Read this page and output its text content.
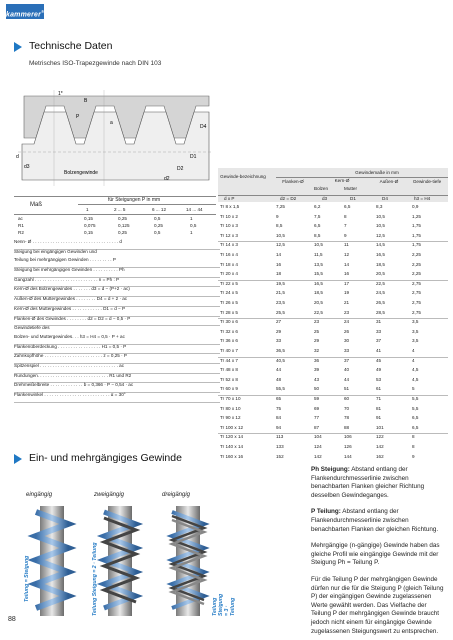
kammerer®
Technische Daten
Metrisches ISO-Trapezgewinde nach DIN 103
1*
B
a
P
d
d3
D4
D1
D2
d2
Bolzengewinde
Maß
für Steigungen P in mm
1	2 ... 5	6 ... 12	14 ... 44
ac	0,15	0,25	0,5	1
R1	0,075	0,125	0,25	0,5
R2	0,15	0,25	0,5	1
Nenn- Ø . . . . . . . . . . . . . . . . . . . . . . . . . . . . . . . . . . d
Steigung bei eingängigen Gewinden und
Teilung bei mehrgängigen Gewinden . . . . . . . . . P
Steigung bei mehrgängigen Gewinden . . . . . . . . . . Ph
Gangzahl . . . . . . . . . . . . . . . . . . . . . . . . . n = Ph : P
Kern-Ø des Bolzengewindes . . . . . . . d3 = d − (P+2 · ac)
Außen-Ø des Muttergewindes . . . . . . . . D4 = d + 2 · ac
Kern-Ø des Muttergewindes . . . . . . . . . . . . D1 = d − P
Flanken-Ø des Gewindes . . . . . . . . d2 = D2 = d − 0,5 · P
Gewindetiefe des
Bolzen- und Muttergewindes. . . h3 = H4 = 0,5 · P + ac
Flankenüberdeckung . . . . . . . . . . . . . . . . . H1 = 0,5 · P
Zahnkopfhöhe . . . . . . . . . . . . . . . . . . . . . . . z = 0,25 · P
Spitzenspiel . . . . . . . . . . . . . . . . . . . . . . . . . . . . . . . ac
Rundungen. . . . . . . . . . . . . . . . . . . . . . . . . . . . R1 und R2
Drehmeißelbreite . . . . . . . . . . . . . b = 0,366 · P − 0,54 · ac
Flankenwinkel . . . . . . . . . . . . . . . . . . . . . . . . . . α = 30°
Gewindemaße in mm
Gewinde-bezeichnung
Flanken-Ø	Kern-Ø
Bolzen	Mutter
Außen-Ø	Gewinde-tiefe
d x P	d2 = D2	d3	D1	D4	h3 = H4
Tr 8 x 1,5	7,25	6,2	6,5	8,3	0,9
Tr 10 x 2	9	7,5	8	10,5	1,25
Tr 10 x 3	8,5	6,5	7	10,5	1,75
Tr 12 x 3	10,5	8,5	9	12,5	1,75
Tr 14 x 3	12,5	10,5	11	14,5	1,75
Tr 16 x 4	14	11,5	12	16,5	2,25
Tr 18 x 4	16	13,5	14	18,5	2,25
Tr 20 x 4	18	15,5	16	20,5	2,25
Tr 22 x 5	19,5	16,5	17	22,5	2,75
Tr 24 x 5	21,5	18,5	19	24,5	2,75
Tr 26 x 5	23,5	20,5	21	26,5	2,75
Tr 28 x 5	25,5	22,5	23	28,5	2,75
Tr 30 x 6	27	23	24	31	3,5
Tr 32 x 6	29	25	26	33	3,5
Tr 36 x 6	33	29	30	37	3,5
Tr 40 x 7	36,5	32	33	41	4
Tr 44 x 7	40,5	36	37	45	4
Tr 48 x 8	44	39	40	49	4,5
Tr 52 x 8	48	43	44	53	4,5
Tr 60 x 9	55,5	50	51	61	5
Tr 70 x 10	65	59	60	71	5,5
Tr 80 x 10	75	69	70	81	5,5
Tr 90 x 12	84	77	78	91	6,5
Tr 100 x 12	94	87	88	101	6,5
Tr 120 x 14	113	104	106	122	8
Tr 140 x 14	133	124	126	142	8
Tr 160 x 16	152	142	144	162	9
Ein- und mehrgängiges Gewinde
eingängig	zweigängig	dreigängig
Teilung = Steigung	Teilung Steigung = 2 · Teilung	Teilung Steigung = 3 · Teilung

Ph Steigung: Abstand entlang der Flankendurchmesserlinie zwischen benachbarten Flanken gleicher Richtung desselben Gewindeganges.

P Teilung: Abstand entlang der Flankendurchmesserlinie zwischen benachbarten Flanken der gleichen Richtung.

Mehrgängige (n-gängige) Gewinde haben das gleiche Profil wie eingängige Gewinde mit der Steigung Ph = Teilung P.

Für die Teilung P der mehrgängigen Gewinde dürfen nur die für die Steigung P (gleich Teilung P) der eingängigen Gewinde zugelassenen Werte gewählt werden. Das Vielfache der Teilung P der mehrgängigen Gewinde braucht jedoch nicht einem für eingängige Gewinde zugelassenen Steigungswert zu entsprechen.

88
